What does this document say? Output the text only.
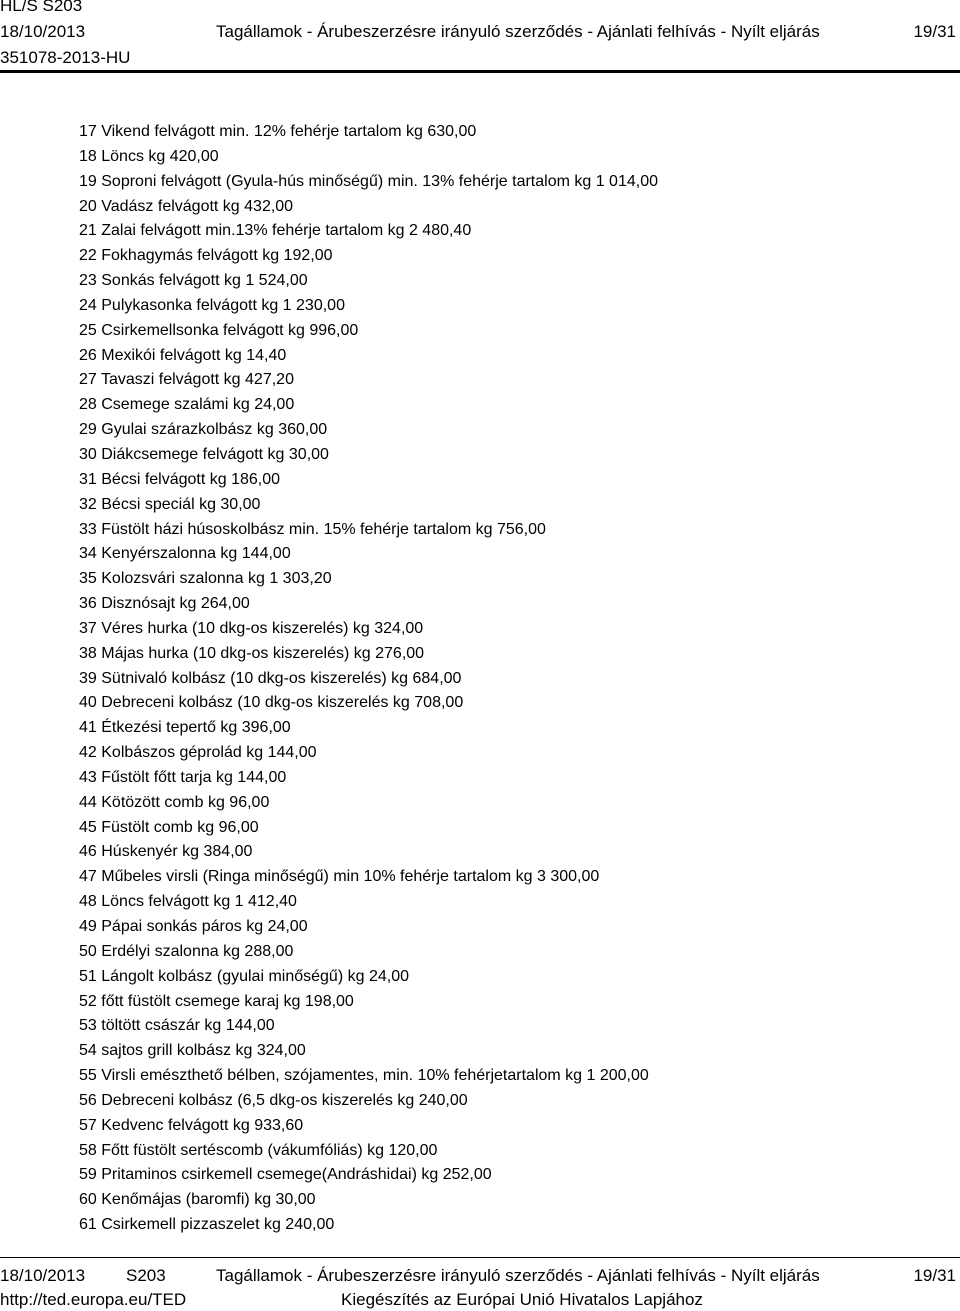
HL/S S203
18/10/2013	Tagállamok - Árubeszerzésre irányuló szerződés - Ajánlati felhívás - Nyílt eljárás	19/31
351078-2013-HU
17 Vikend felvágott min. 12% fehérje tartalom kg 630,00
18 Löncs kg 420,00
19 Soproni felvágott (Gyula-hús minőségű) min. 13% fehérje tartalom kg 1 014,00
20 Vadász felvágott kg 432,00
21 Zalai felvágott min.13% fehérje tartalom kg 2 480,40
22 Fokhagymás felvágott kg 192,00
23 Sonkás felvágott kg 1 524,00
24 Pulykasonka felvágott kg 1 230,00
25 Csirkemellsonka felvágott kg 996,00
26 Mexikói felvágott kg 14,40
27 Tavaszi felvágott kg 427,20
28 Csemege szalámi kg 24,00
29 Gyulai szárazkolbász kg 360,00
30 Diákcsemege felvágott kg 30,00
31 Bécsi felvágott kg 186,00
32 Bécsi speciál kg 30,00
33 Füstölt házi húsoskolbász min. 15% fehérje tartalom kg 756,00
34 Kenyérszalonna kg 144,00
35 Kolozsvári szalonna kg 1 303,20
36 Disznósajt kg 264,00
37 Véres hurka (10 dkg-os kiszerelés) kg 324,00
38 Májas hurka (10 dkg-os kiszerelés) kg 276,00
39 Sütnivaló kolbász (10 dkg-os kiszerelés) kg 684,00
40 Debreceni kolbász (10 dkg-os kiszerelés kg 708,00
41 Étkezési tepertő kg 396,00
42 Kolbászos géprolád kg 144,00
43 Fűstölt főtt tarja kg 144,00
44 Kötözött comb kg 96,00
45 Füstölt comb kg 96,00
46 Húskenyér kg 384,00
47 Műbeles virsli (Ringa minőségű) min 10% fehérje tartalom kg 3 300,00
48 Löncs felvágott kg 1 412,40
49 Pápai sonkás páros kg 24,00
50 Erdélyi szalonna kg 288,00
51 Lángolt kolbász (gyulai minőségű) kg 24,00
52 főtt füstölt csemege karaj kg 198,00
53 töltött császár kg 144,00
54 sajtos grill kolbász kg 324,00
55 Virsli emészthető bélben, szójamentes, min. 10% fehérjetartalom kg 1 200,00
56 Debreceni kolbász (6,5 dkg-os kiszerelés kg 240,00
57 Kedvenc felvágott kg 933,60
58 Főtt füstölt sertéscomb (vákumfóliás) kg 120,00
59 Pritaminos csirkemell csemege(Andráshidai) kg 252,00
60 Kenőmájas (baromfi) kg 30,00
61 Csirkemell pizzaszelet kg 240,00
18/10/2013 S203	Tagállamok - Árubeszerzésre irányuló szerződés - Ajánlati felhívás - Nyílt eljárás	19/31
http://ted.europa.eu/TED	Kiegészítés az Európai Unió Hivatalos Lapjához
